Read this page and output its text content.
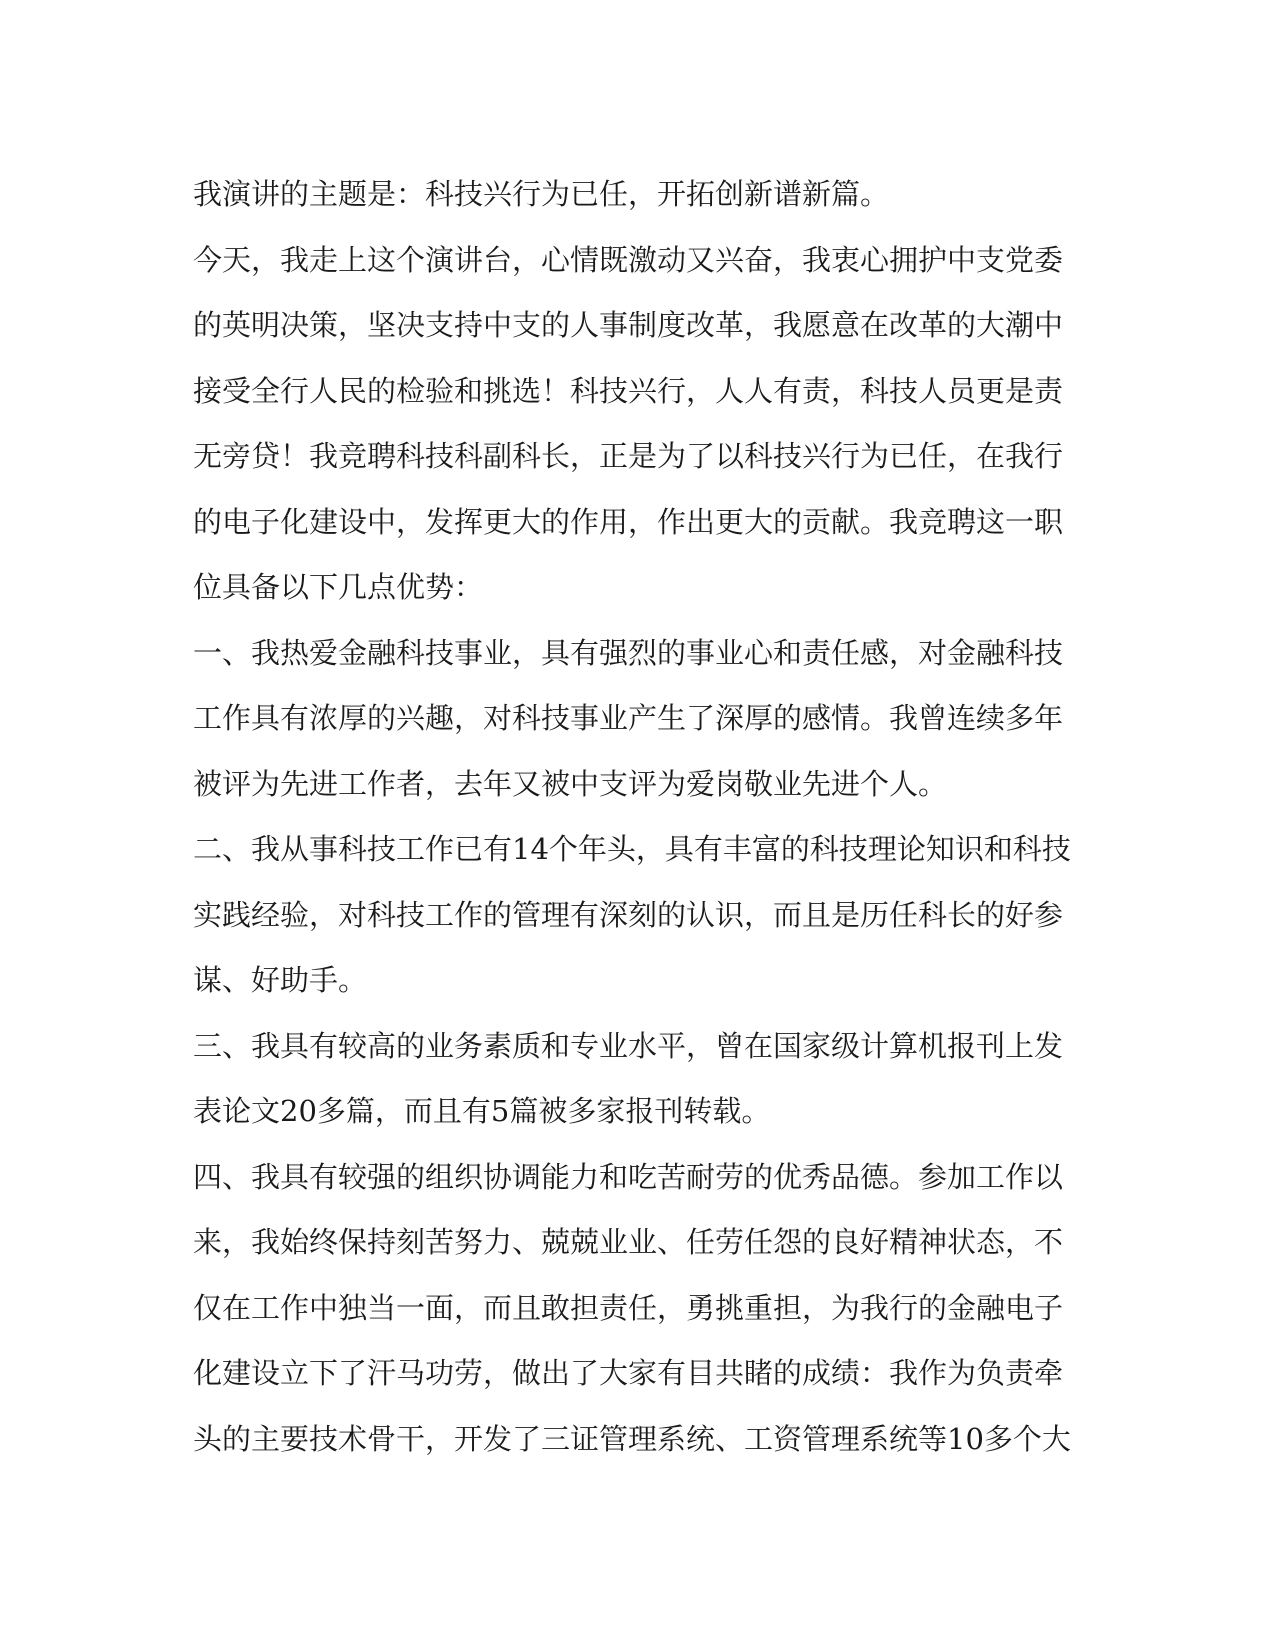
我演讲的主题是：科技兴行为已任，开拓创新谱新篇。
今天，我走上这个演讲台，心情既激动又兴奋，我衷心拥护中支党委
的英明决策，坚决支持中支的人事制度改革，我愿意在改革的大潮中
接受全行人民的检验和挑选！科技兴行，人人有责，科技人员更是责
无旁贷！我竞聘科技科副科长，正是为了以科技兴行为已任，在我行
的电子化建设中，发挥更大的作用，作出更大的贡献。我竞聘这一职
位具备以下几点优势：
一、我热爱金融科技事业，具有强烈的事业心和责任感，对金融科技
工作具有浓厚的兴趣，对科技事业产生了深厚的感情。我曾连续多年
被评为先进工作者，去年又被中支评为爱岗敬业先进个人。
二、我从事科技工作已有14个年头，具有丰富的科技理论知识和科技
实践经验，对科技工作的管理有深刻的认识，而且是历任科长的好参
谋、好助手。
三、我具有较高的业务素质和专业水平，曾在国家级计算机报刊上发
表论文20多篇，而且有5篇被多家报刊转载。
四、我具有较强的组织协调能力和吃苦耐劳的优秀品德。参加工作以
来，我始终保持刻苦努力、兢兢业业、任劳任怨的良好精神状态，不
仅在工作中独当一面，而且敢担责任，勇挑重担，为我行的金融电子
化建设立下了汗马功劳，做出了大家有目共睹的成绩：我作为负责牵
头的主要技术骨干，开发了三证管理系统、工资管理系统等10多个大
